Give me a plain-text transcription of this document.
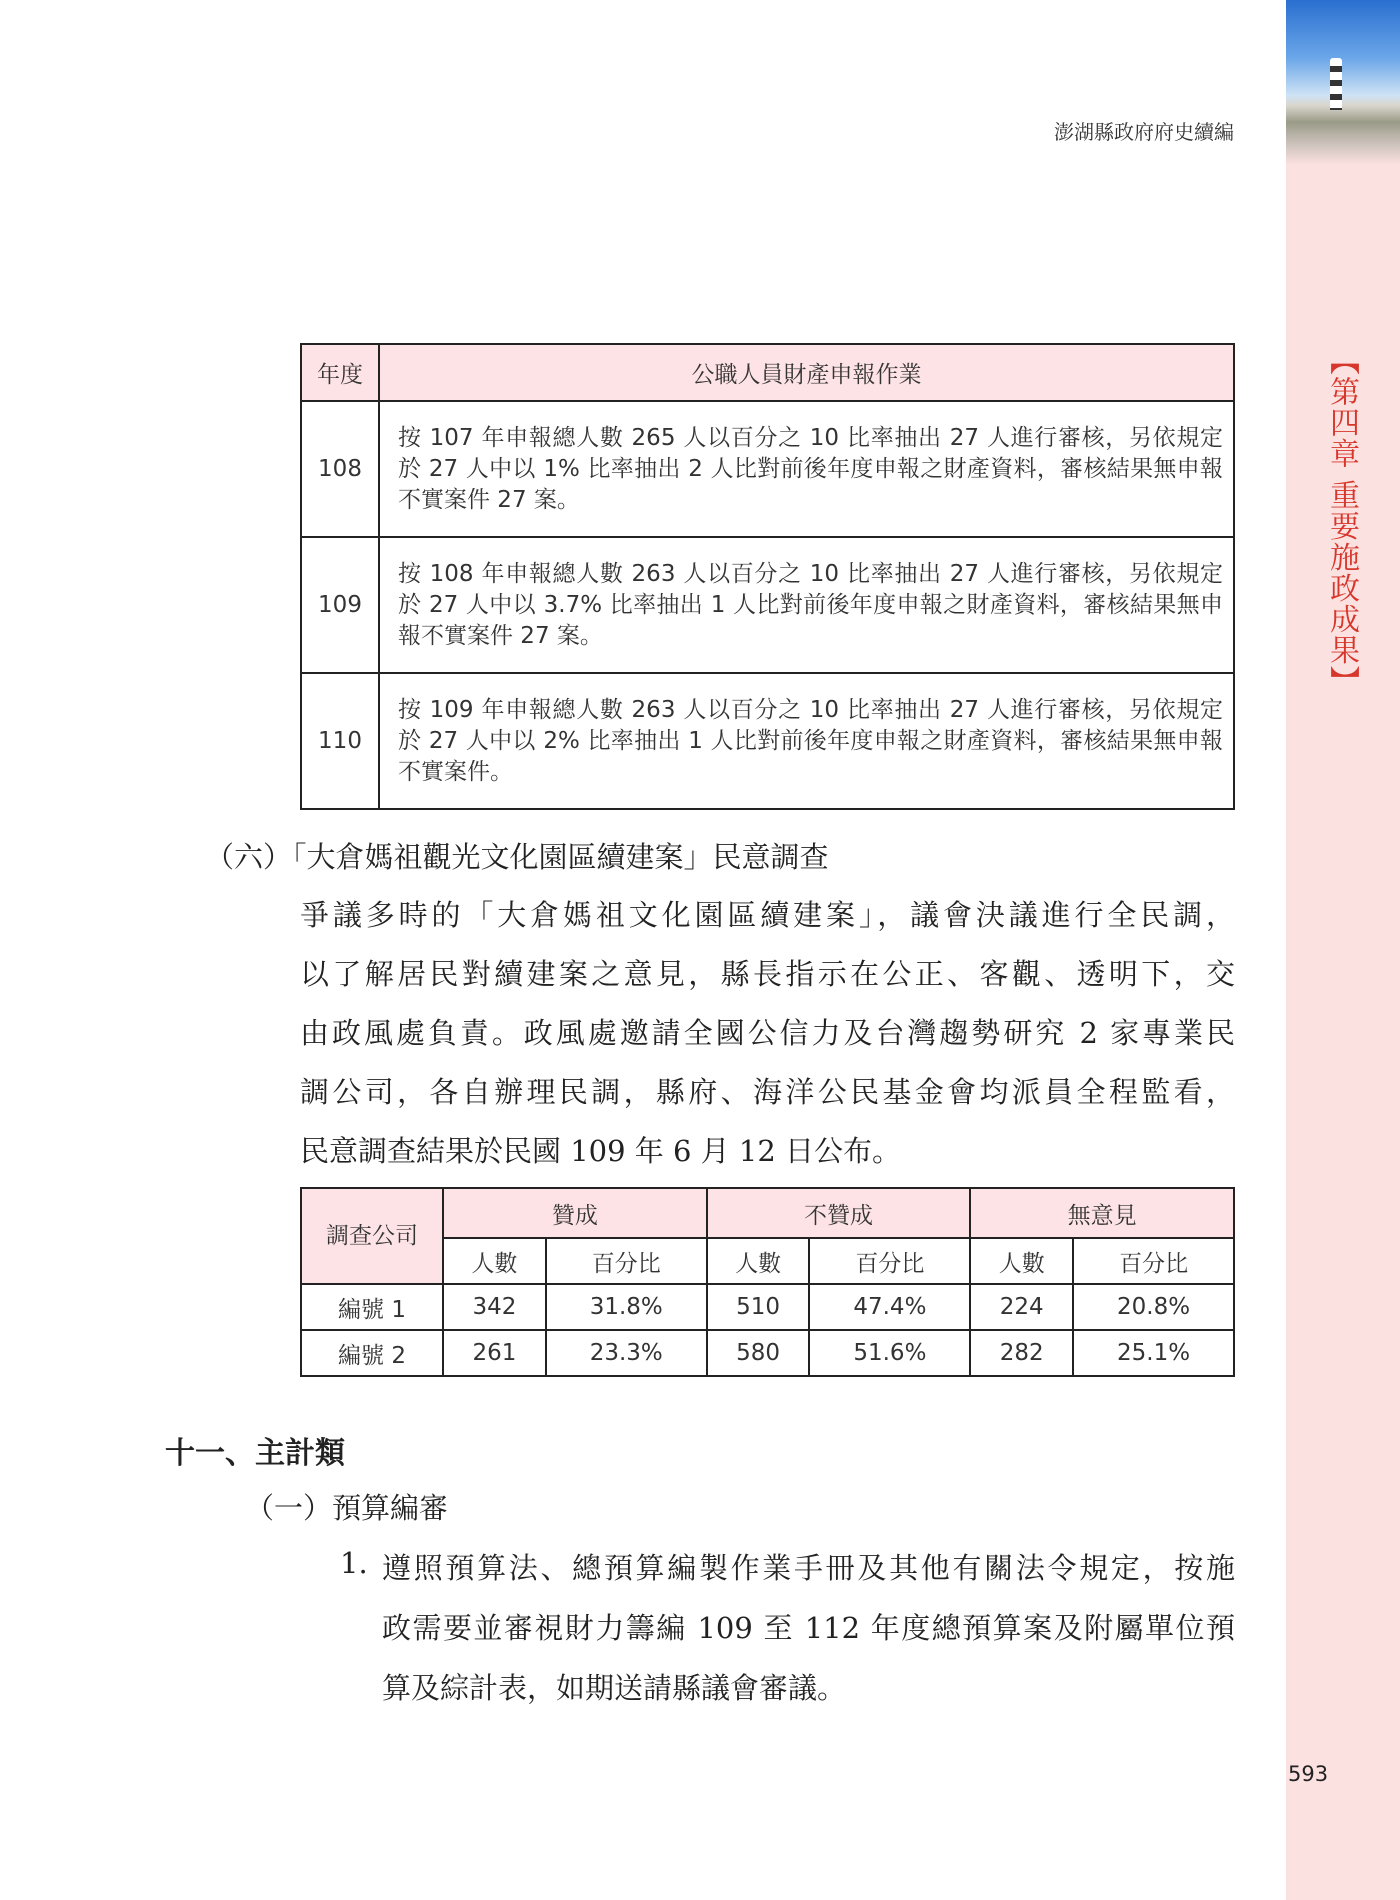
【第四章 重要施政成果】
澎湖縣政府府史續編
年度	公職人員財產申報作業
108	按 107 年申報總人數 265 人以百分之 10 比率抽出 27 人進行審核，另依規定於 27 人中以 1% 比率抽出 2 人比對前後年度申報之財產資料，審核結果無申報不實案件 27 案。
109	按 108 年申報總人數 263 人以百分之 10 比率抽出 27 人進行審核，另依規定於 27 人中以 3.7% 比率抽出 1 人比對前後年度申報之財產資料，審核結果無申報不實案件 27 案。
110	按 109 年申報總人數 263 人以百分之 10 比率抽出 27 人進行審核，另依規定於 27 人中以 2% 比率抽出 1 人比對前後年度申報之財產資料，審核結果無申報不實案件。
（六）「大倉媽祖觀光文化園區續建案」民意調查
爭議多時的「大倉媽祖文化園區續建案」，議會決議進行全民調，
以了解居民對續建案之意見，縣長指示在公正、客觀、透明下，交
由政風處負責。政風處邀請全國公信力及台灣趨勢研究 2 家專業民
調公司，各自辦理民調，縣府、海洋公民基金會均派員全程監看，
民意調查結果於民國 109 年 6 月 12 日公布。
調查公司	贊成		不贊成		無意見	
	人數	百分比	人數	百分比	人數	百分比
編號 1	342	31.8%	510	47.4%	224	20.8%
編號 2	261	23.3%	580	51.6%	282	25.1%
十一、主計類
（一）預算編審
1. 遵照預算法、總預算編製作業手冊及其他有關法令規定，按施
政需要並審視財力籌編 109 至 112 年度總預算案及附屬單位預
算及綜計表，如期送請縣議會審議。
593
